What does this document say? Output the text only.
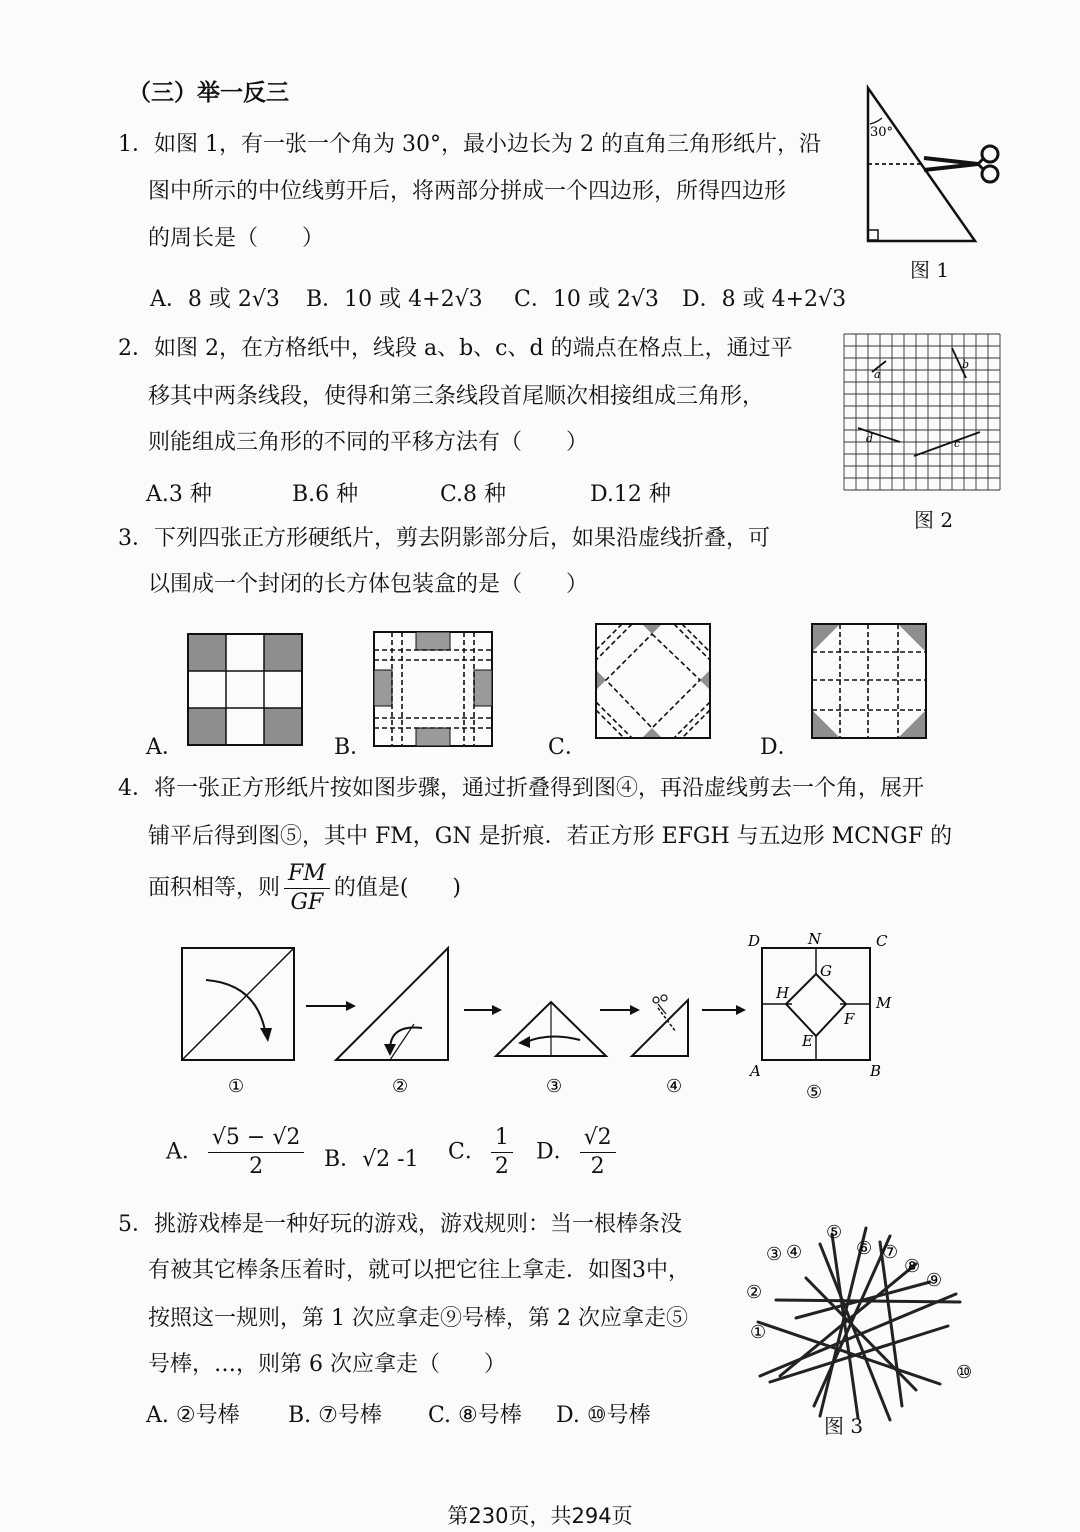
（三）举一反三
1．如图 1，有一张一个角为 30°，最小边长为 2 的直角三角形纸片，沿
图中所示的中位线剪开后，将两部分拼成一个四边形，所得四边形
的周长是（　　）
A．8 或 2√3 B．10 或 4+2√3 C．10 或 2√3 D．8 或 4+2√3
30°
图 1
2．如图 2，在方格纸中，线段 a、b、c、d 的端点在格点上，通过平
移其中两条线段，使得和第三条线段首尾顺次相接组成三角形，
则能组成三角形的不同的平移方法有（　　）
A.3 种	B.6 种	C.8 种	D.12 种
a
b
c
d
图 2
3．下列四张正方形硬纸片，剪去阴影部分后，如果沿虚线折叠，可
以围成一个封闭的长方体包装盒的是（　　）
A．	B．	C．	D．
4．将一张正方形纸片按如图步骤，通过折叠得到图④，再沿虚线剪去一个角，展开
铺平后得到图⑤，其中 FM，GN 是折痕．若正方形 EFGH 与五边形 MCNGF 的
面积相等，则 $\frac{FM}{GF}$ 的值是(　　)
①	②	③	④
D	N	C
G
H
M
F
E
A	B
⑤
A． $\frac{√5 - √2}{2}$ B．√2 -1 C． $\frac{1}{2}$ D． $\frac{√2}{2}$
5．挑游戏棒是一种好玩的游戏，游戏规则：当一根棒条没
有被其它棒条压着时，就可以把它往上拿走．如图3中，
按照这一规则，第 1 次应拿走⑨号棒，第 2 次应拿走⑤
号棒，…，则第 6 次应拿走（　　）
A. ②号棒 B. ⑦号棒 C. ⑧号棒 D. ⑩号棒
③ ④
⑤
⑥ ⑦
⑧
⑨
②
①
⑩
图 3
第230页，共294页
